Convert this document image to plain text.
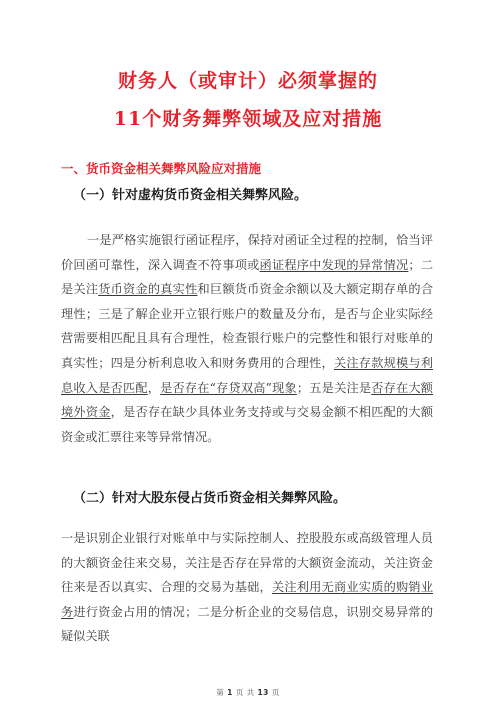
财务人（或审计）必须掌握的
11个财务舞弊领域及应对措施
一、货币资金相关舞弊风险应对措施
（一）针对虚构货币资金相关舞弊风险。
一是严格实施银行函证程序，保持对函证全过程的控制，恰当评价回函可靠性，深入调查不符事项或函证程序中发现的异常情况；二是关注货币资金的真实性和巨额货币资金余额以及大额定期存单的合理性；三是了解企业开立银行账户的数量及分布，是否与企业实际经营需要相匹配且具有合理性，检查银行账户的完整性和银行对账单的真实性；四是分析利息收入和财务费用的合理性，关注存款规模与利息收入是否匹配，是否存在“存贷双高”现象；五是关注是否存在大额境外资金，是否存在缺少具体业务支持或与交易金额不相匹配的大额资金或汇票往来等异常情况。
（二）针对大股东侵占货币资金相关舞弊风险。
一是识别企业银行对账单中与实际控制人、控股股东或高级管理人员的大额资金往来交易，关注是否存在异常的大额资金流动，关注资金往来是否以真实、合理的交易为基础，关注利用无商业实质的购销业务进行资金占用的情况；二是分析企业的交易信息，识别交易异常的疑似关联
第 1 页 共 13 页
